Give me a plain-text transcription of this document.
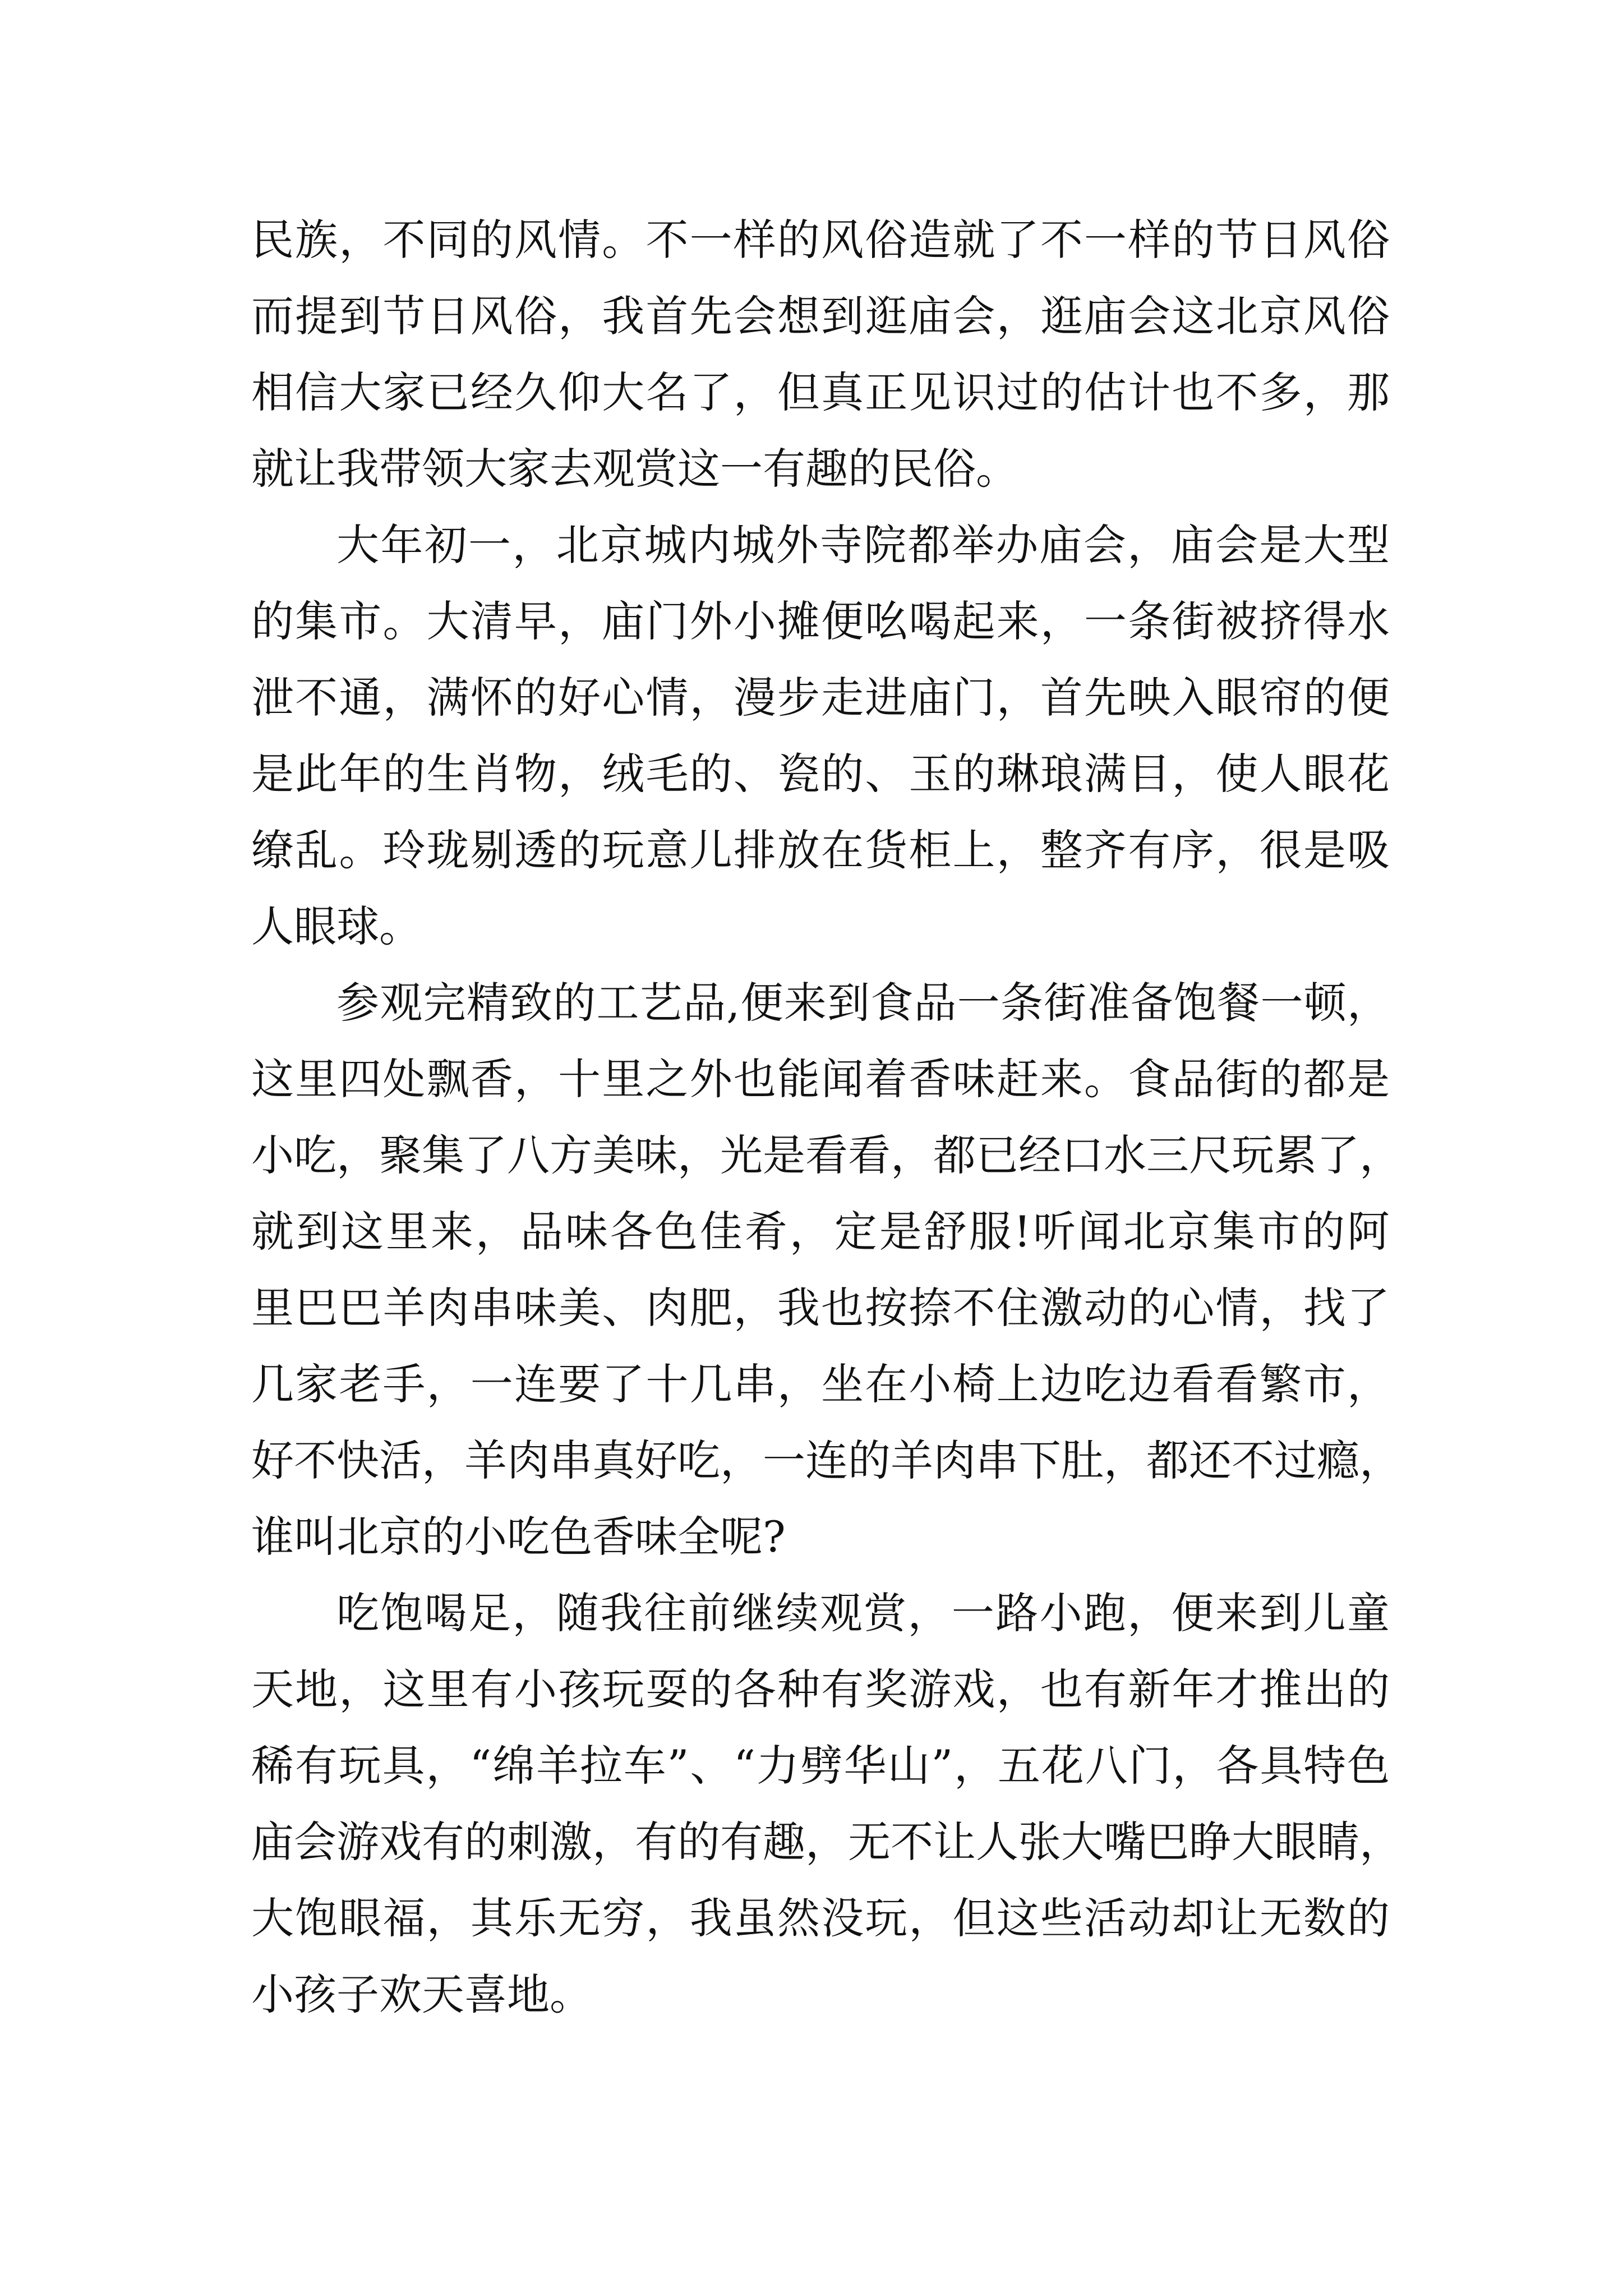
民族，不同的风情。不一样的风俗造就了不一样的节日风俗
而提到节日风俗，我首先会想到逛庙会，逛庙会这北京风俗
相信大家已经久仰大名了，但真正见识过的估计也不多，那
就让我带领大家去观赏这一有趣的民俗。
大年初一，北京城内城外寺院都举办庙会，庙会是大型
的集市。大清早，庙门外小摊便吆喝起来，一条街被挤得水
泄不通，满怀的好心情，漫步走进庙门，首先映入眼帘的便
是此年的生肖物，绒毛的、瓷的、玉的琳琅满目，使人眼花
缭乱。玲珑剔透的玩意儿排放在货柜上，整齐有序，很是吸
人眼球。
参观完精致的工艺品,便来到食品一条街准备饱餐一顿，
这里四处飘香，十里之外也能闻着香味赶来。食品街的都是
小吃，聚集了八方美味，光是看看，都已经口水三尺玩累了，
就到这里来，品味各色佳肴，定是舒服!听闻北京集市的阿
里巴巴羊肉串味美、肉肥，我也按捺不住激动的心情，找了
几家老手，一连要了十几串，坐在小椅上边吃边看看繁市，
好不快活，羊肉串真好吃，一连的羊肉串下肚，都还不过瘾，
谁叫北京的小吃色香味全呢?
吃饱喝足，随我往前继续观赏，一路小跑，便来到儿童
天地，这里有小孩玩耍的各种有奖游戏，也有新年才推出的
稀有玩具，“绵羊拉车”、“力劈华山”，五花八门，各具特色
庙会游戏有的刺激，有的有趣，无不让人张大嘴巴睁大眼睛，
大饱眼福，其乐无穷，我虽然没玩，但这些活动却让无数的
小孩子欢天喜地。
